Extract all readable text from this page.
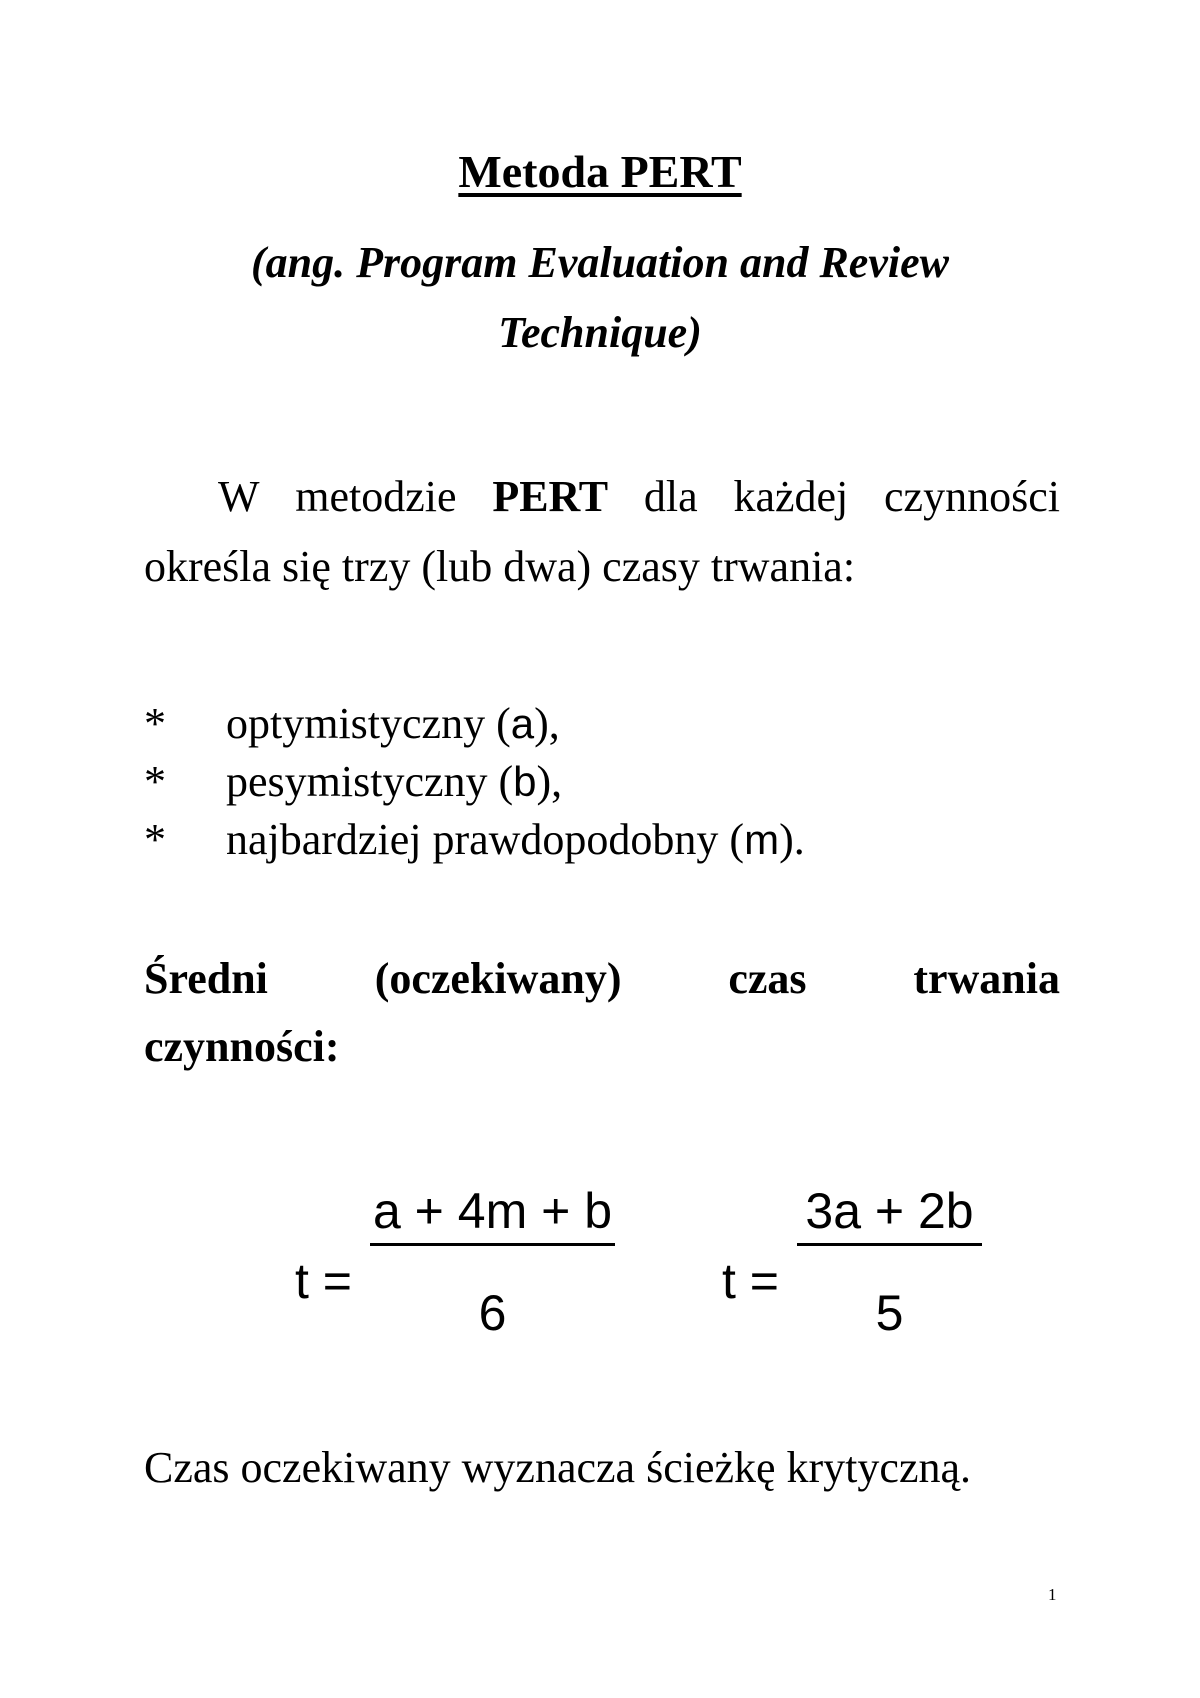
Metoda PERT
(ang. Program Evaluation and Review
Technique)
W metodzie PERT dla każdej czynności
określa się trzy (lub dwa) czasy trwania:
*	optymistyczny (a),
*	pesymistyczny (b),
*	najbardziej prawdopodobny (m).
Średni (oczekiwany) czas trwania
czynności:
t =
a + 4m + b
6
t =
3a + 2b
5
Czas oczekiwany wyznacza ścieżkę krytyczną.
1
